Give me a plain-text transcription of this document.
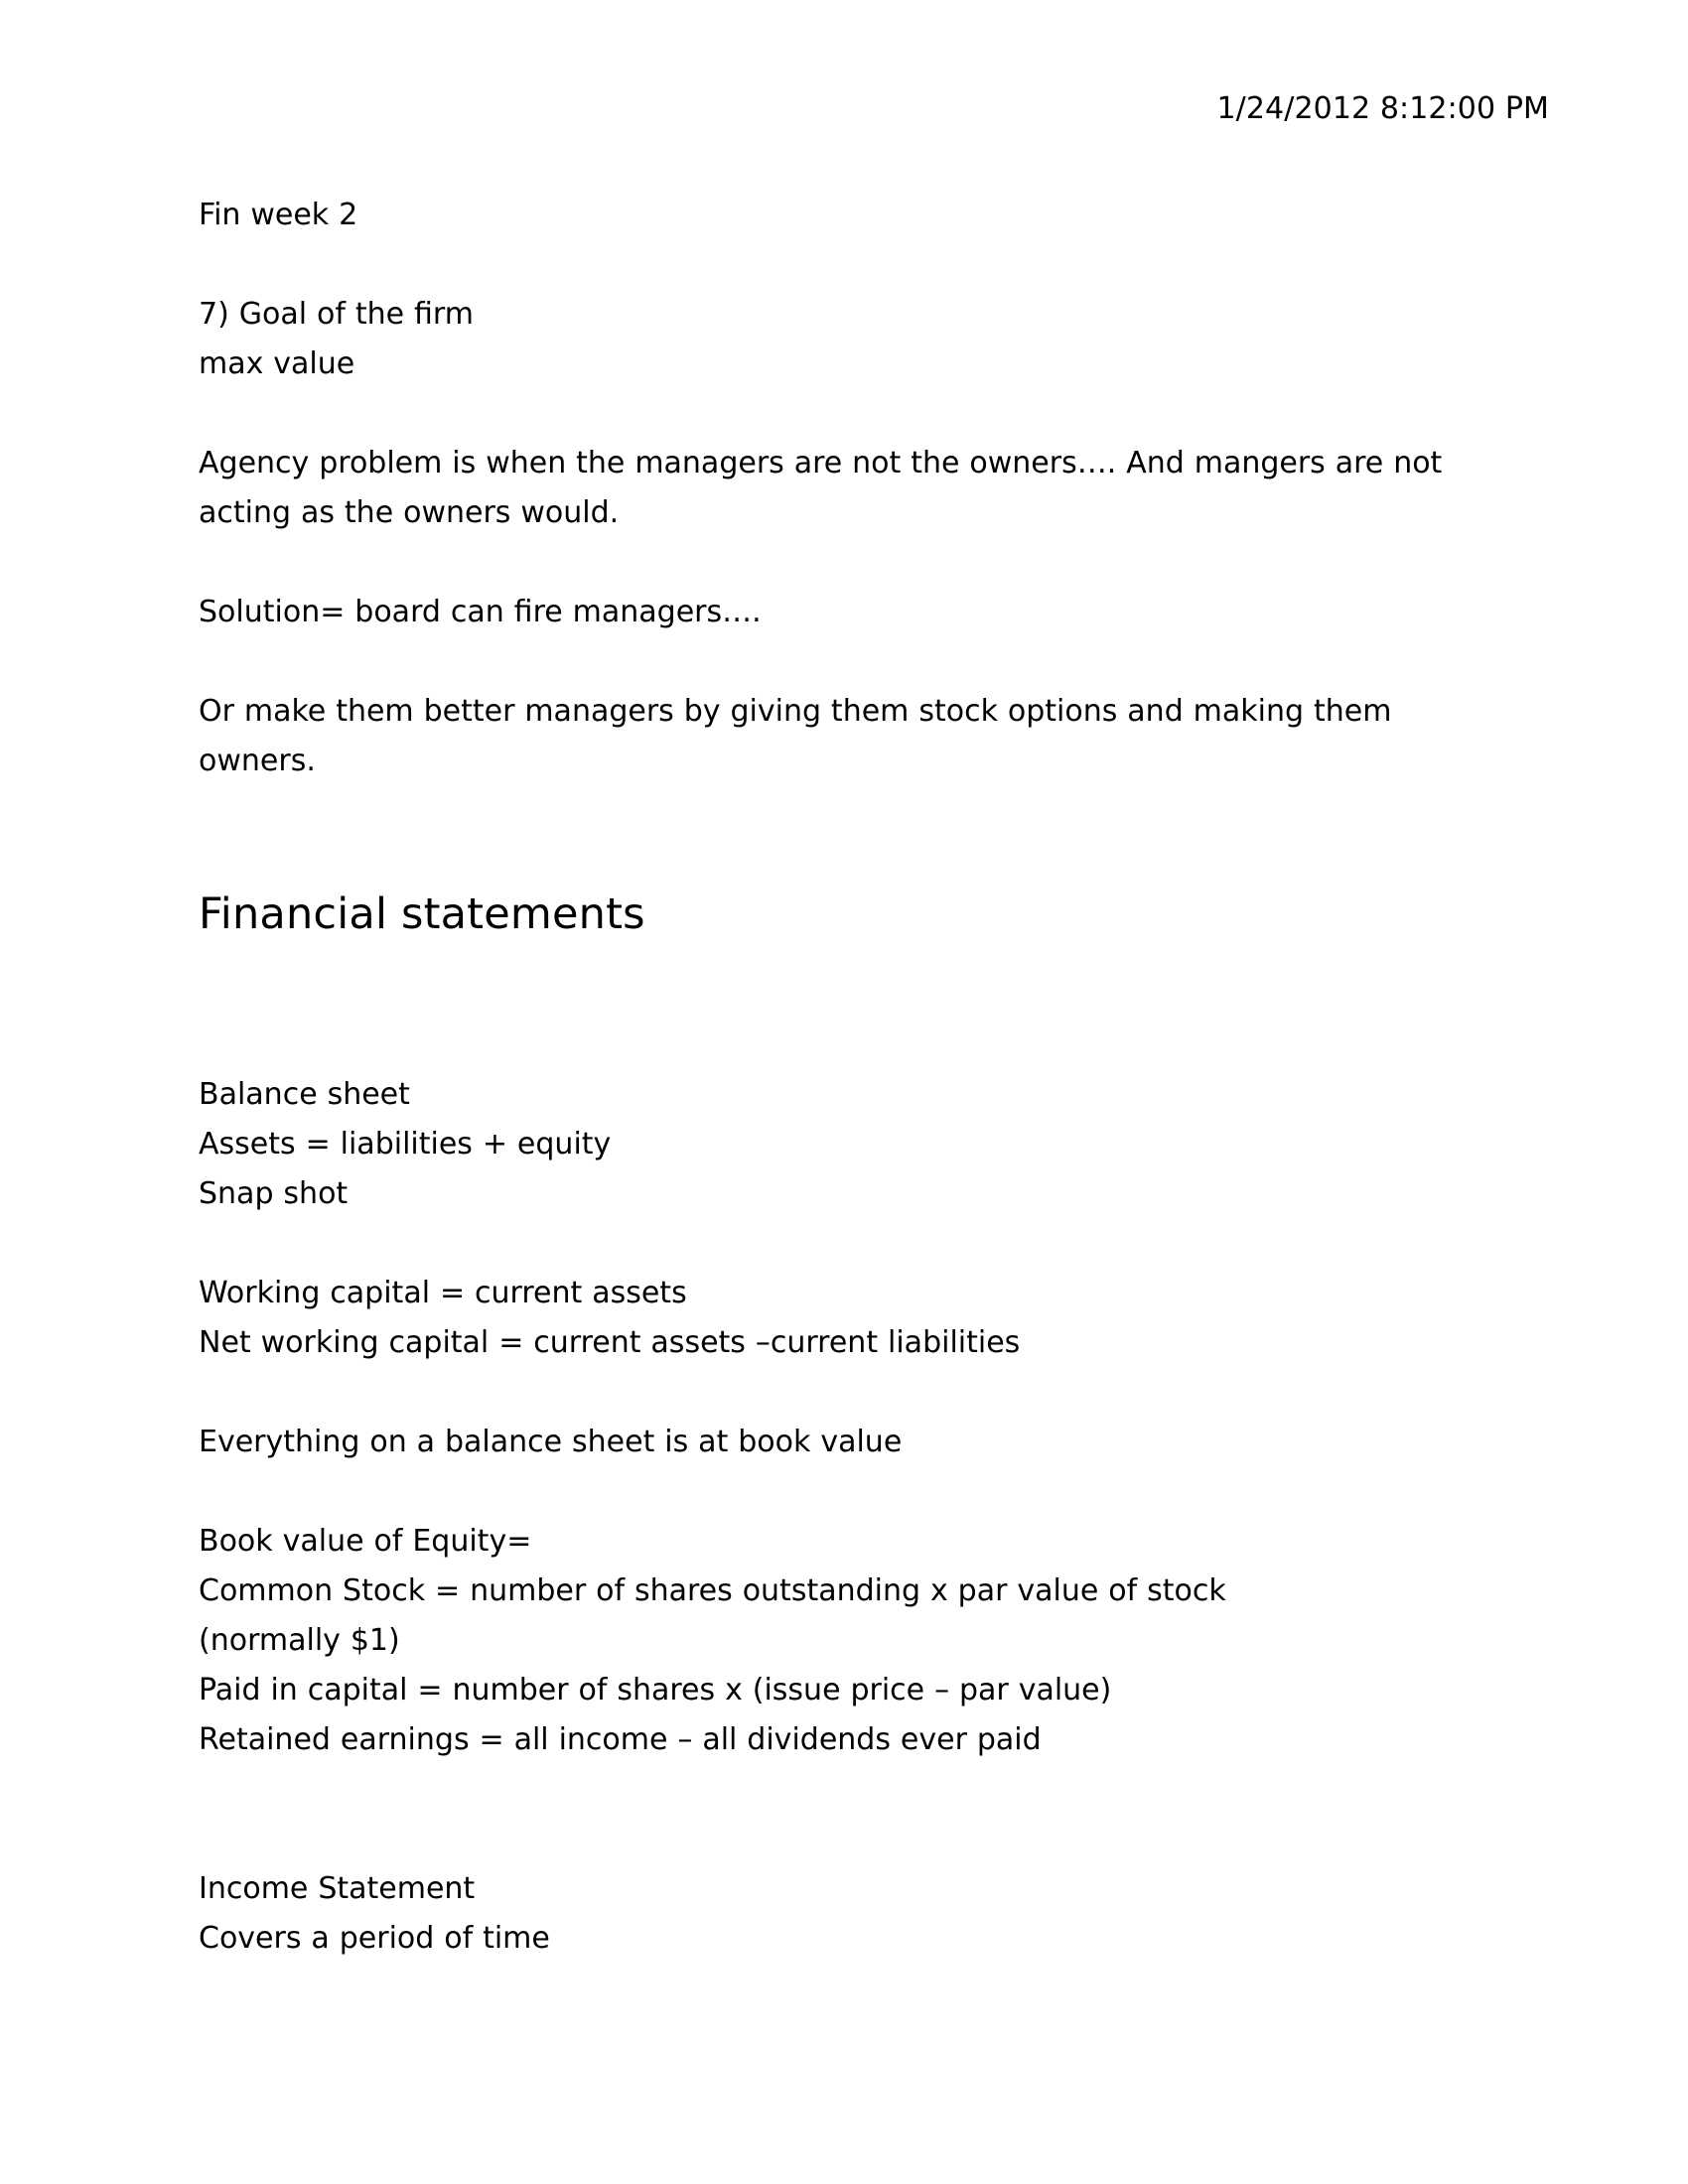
1/24/2012 8:12:00 PM

Fin week 2

7) Goal of the firm
max value

Agency problem is when the managers are not the owners…. And mangers are not acting as the owners would.

Solution= board can fire managers….

Or make them better managers by giving them stock options and making them owners.

Financial statements

Balance sheet
Assets = liabilities + equity
Snap shot

Working capital = current assets
Net working capital = current assets –current liabilities

Everything on a balance sheet is at book value

Book value of Equity=
Common Stock = number of shares outstanding x par value of stock
(normally $1)
Paid in capital = number of shares x (issue price – par value)
Retained earnings = all income – all dividends ever paid

Income Statement
Covers a period of time
